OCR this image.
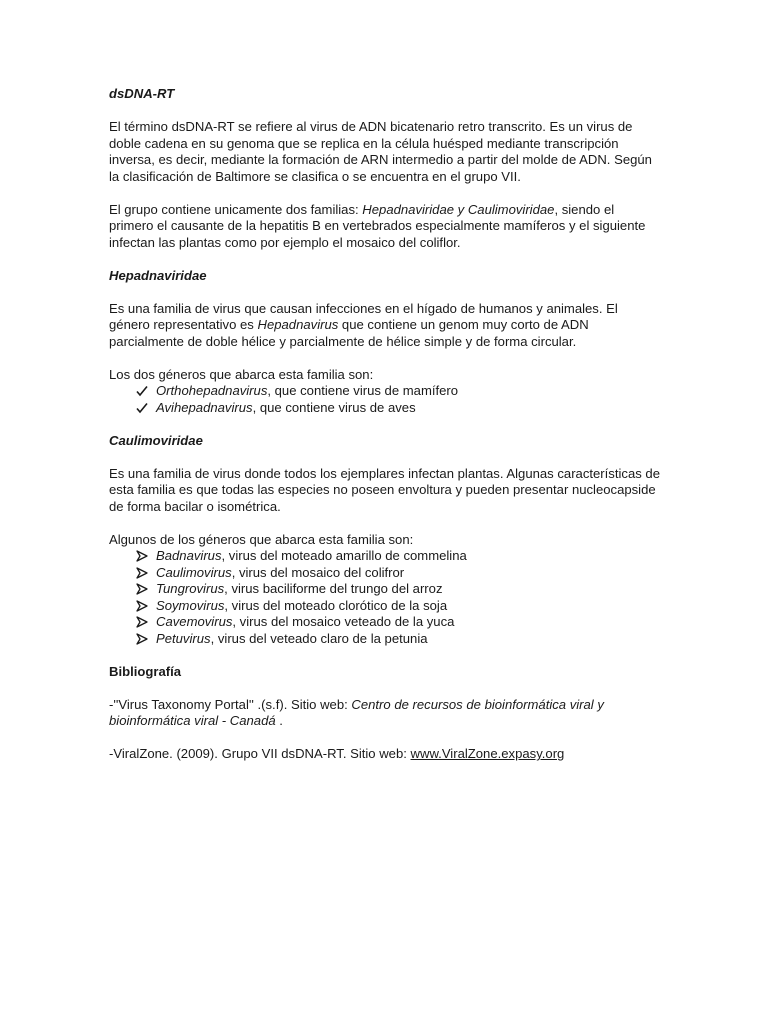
dsDNA-RT

El término dsDNA-RT se refiere al virus de ADN bicatenario retro transcrito. Es un virus de doble cadena en su genoma que se replica en la célula huésped mediante transcripción inversa, es decir, mediante la formación de ARN intermedio a partir del molde de ADN. Según la clasificación de Baltimore se clasifica o se encuentra en el grupo VII.

El grupo contiene unicamente dos familias: Hepadnaviridae y Caulimoviridae, siendo el primero el causante de la hepatitis B en vertebrados especialmente mamíferos y el siguiente infectan las plantas como por ejemplo el mosaico del coliflor.

Hepadnaviridae

Es una familia de virus que causan infecciones en el hígado de humanos y animales. El género representativo es Hepadnavirus que contiene un genom muy corto de ADN parcialmente de doble hélice y parcialmente de hélice simple y de forma circular.

Los dos géneros que abarca esta familia son:

Orthohepadnavirus, que contiene virus de mamífero
Avihepadnavirus, que contiene virus de aves

Caulimoviridae

Es una familia de virus donde todos los ejemplares infectan plantas. Algunas características de esta familia es que todas las especies no poseen envoltura y pueden presentar nucleocapside de forma bacilar o isométrica.

Algunos de los géneros que abarca esta familia son:

Badnavirus, virus del moteado amarillo de commelina
Caulimovirus, virus del mosaico del colifror
Tungrovirus, virus baciliforme del trungo del arroz
Soymovirus, virus del moteado clorótico de la soja
Cavemovirus, virus del mosaico veteado de la yuca
Petuvirus, virus del veteado claro de la petunia

Bibliografía

-''Virus Taxonomy Portal'' .(s.f). Sitio web: Centro de recursos de bioinformática viral y bioinformática viral - Canadá .

-ViralZone. (2009). Grupo VII dsDNA-RT. Sitio web: www.ViralZone.expasy.org
